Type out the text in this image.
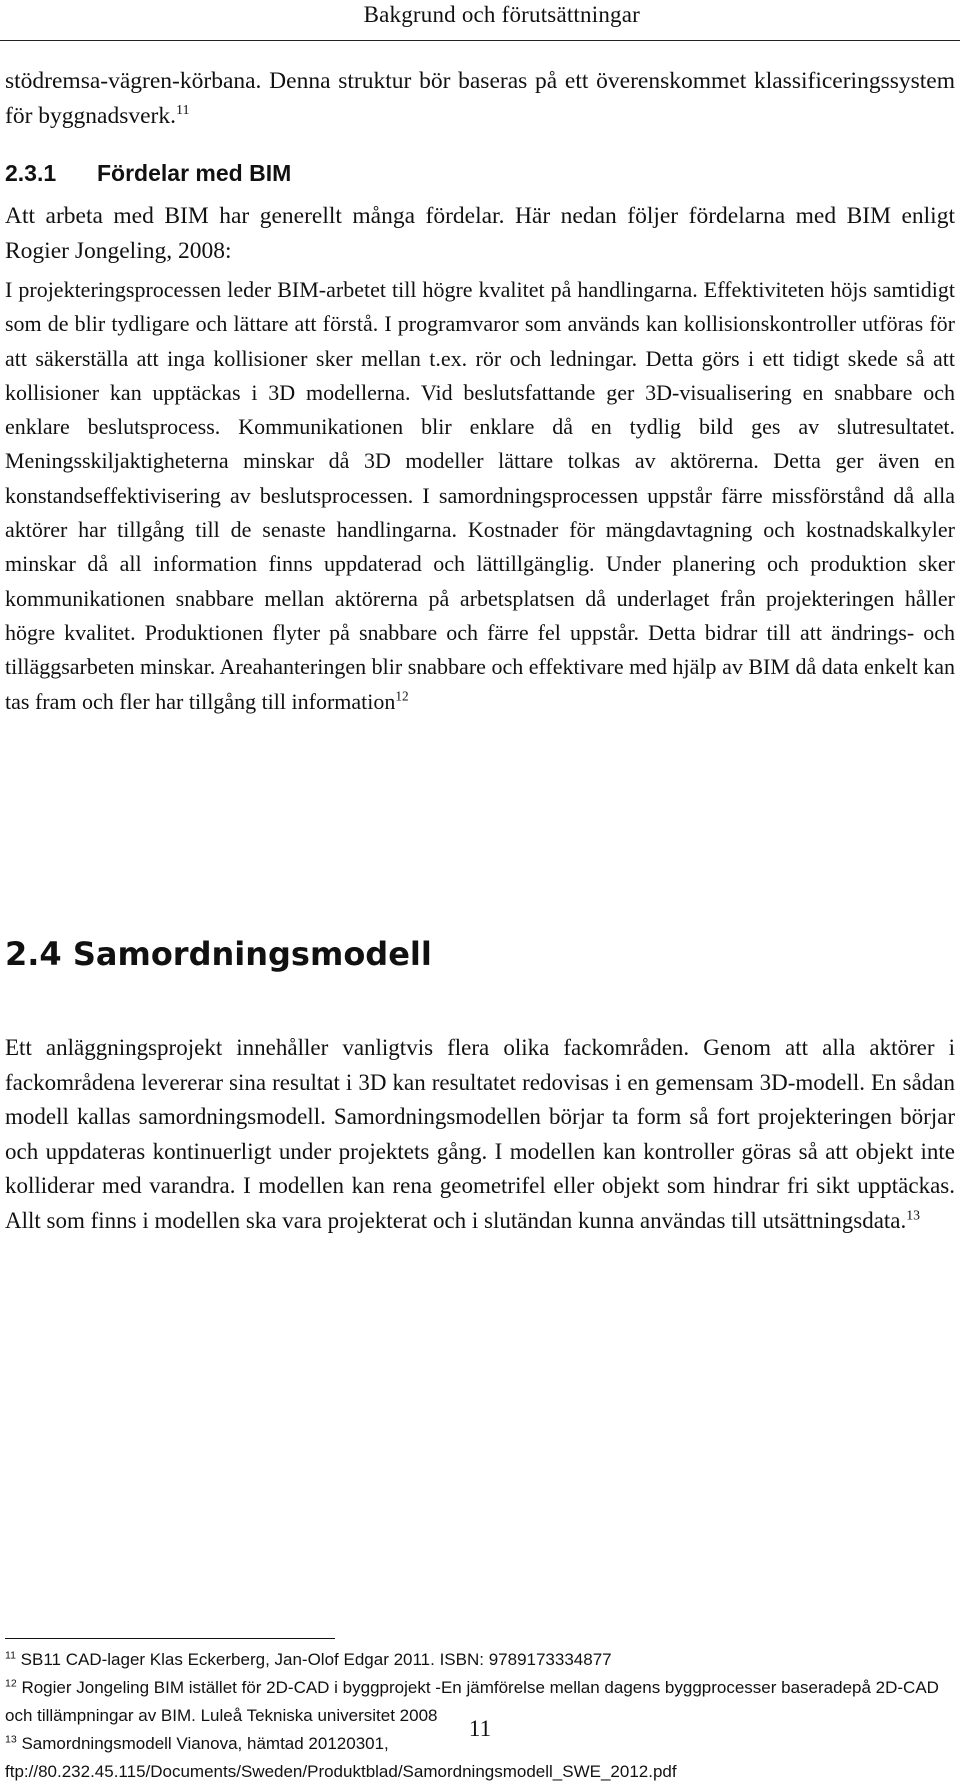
Bakgrund och förutsättningar

stödremsa-vägren-körbana. Denna struktur bör baseras på ett överenskommet klassificeringssystem för byggnadsverk.$^{11}$

2.3.1 Fördelar med BIM

Att arbeta med BIM har generellt många fördelar. Här nedan följer fördelarna med BIM enligt Rogier Jongeling, 2008:

I projekteringsprocessen leder BIM-arbetet till högre kvalitet på handlingarna. Effektiviteten höjs samtidigt som de blir tydligare och lättare att förstå. I programvaror som används kan kollisionskontroller utföras för att säkerställa att inga kollisioner sker mellan t.ex. rör och ledningar. Detta görs i ett tidigt skede så att kollisioner kan upptäckas i 3D modellerna. Vid beslutsfattande ger 3D-visualisering en snabbare och enklare beslutsprocess. Kommunikationen blir enklare då en tydlig bild ges av slutresultatet. Meningsskiljaktigheterna minskar då 3D modeller lättare tolkas av aktörerna. Detta ger även en konstandseffektivisering av beslutsprocessen. I samordningsprocessen uppstår färre missförstånd då alla aktörer har tillgång till de senaste handlingarna. Kostnader för mängdavtagning och kostnadskalkyler minskar då all information finns uppdaterad och lättillgänglig. Under planering och produktion sker kommunikationen snabbare mellan aktörerna på arbetsplatsen då underlaget från projekteringen håller högre kvalitet. Produktionen flyter på snabbare och färre fel uppstår. Detta bidrar till att ändrings- och tilläggsarbeten minskar. Areahanteringen blir snabbare och effektivare med hjälp av BIM då data enkelt kan tas fram och fler har tillgång till information$^{12}$

2.4 Samordningsmodell

Ett anläggningsprojekt innehåller vanligtvis flera olika fackområden. Genom att alla aktörer i fackområdena levererar sina resultat i 3D kan resultatet redovisas i en gemensam 3D-modell. En sådan modell kallas samordningsmodell. Samordningsmodellen börjar ta form så fort projekteringen börjar och uppdateras kontinuerligt under projektets gång. I modellen kan kontroller göras så att objekt inte kolliderar med varandra. I modellen kan rena geometrifel eller objekt som hindrar fri sikt upptäckas. Allt som finns i modellen ska vara projekterat och i slutändan kunna användas till utsättningsdata.$^{13}$

$^{11}$ SB11 CAD-lager Klas Eckerberg, Jan-Olof Edgar 2011. ISBN: 9789173334877
$^{12}$ Rogier Jongeling BIM istället för 2D-CAD i byggprojekt -En jämförelse mellan dagens byggprocesser baseradepå 2D-CAD och tillämpningar av BIM. Luleå Tekniska universitet 2008
$^{13}$ Samordningsmodell Vianova, hämtad 20120301, ftp://80.232.45.115/Documents/Sweden/Produktblad/Samordningsmodell_SWE_2012.pdf
11
